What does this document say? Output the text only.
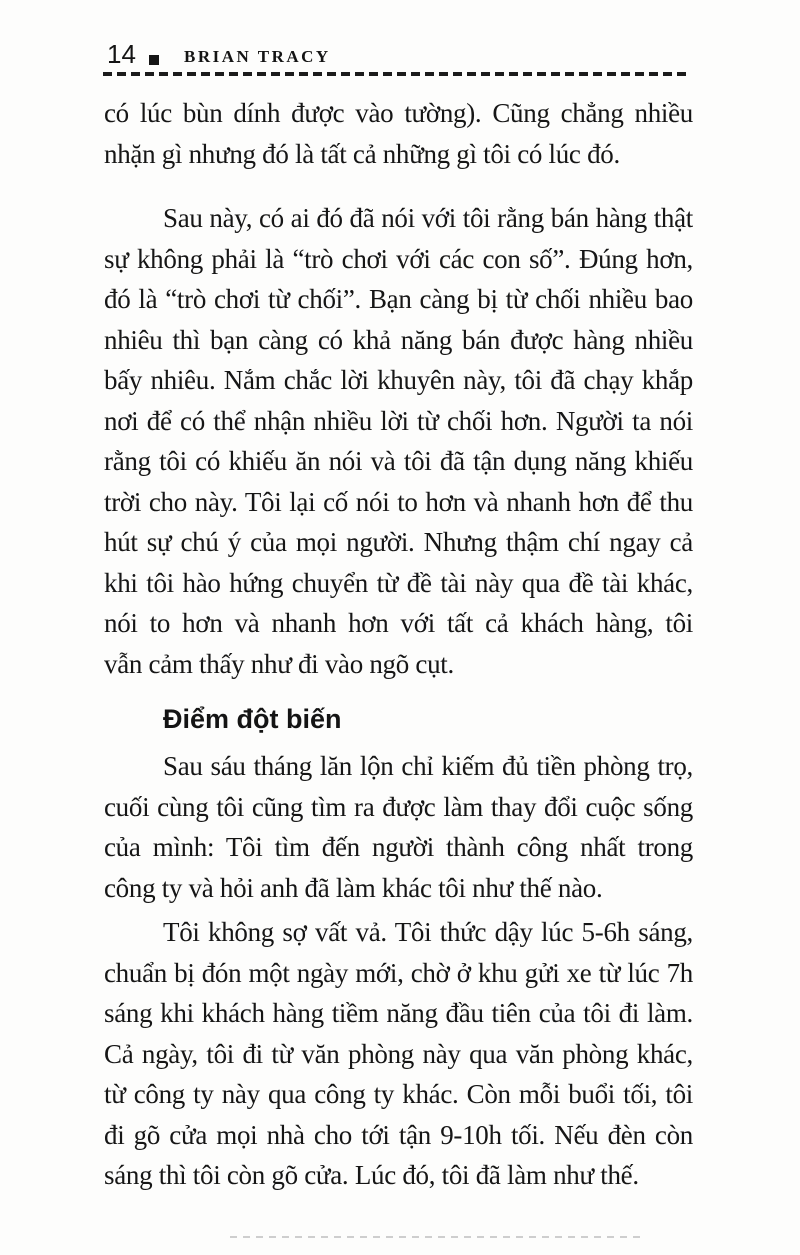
14	BRIAN TRACY
có lúc bùn dính được vào tường). Cũng chẳng nhiều
nhặn gì nhưng đó là tất cả những gì tôi có lúc đó.
Sau này, có ai đó đã nói với tôi rằng bán hàng thật
sự không phải là “trò chơi với các con số”. Đúng hơn,
đó là “trò chơi từ chối”. Bạn càng bị từ chối nhiều bao
nhiêu thì bạn càng có khả năng bán được hàng nhiều
bấy nhiêu. Nắm chắc lời khuyên này, tôi đã chạy khắp
nơi để có thể nhận nhiều lời từ chối hơn. Người ta nói
rằng tôi có khiếu ăn nói và tôi đã tận dụng năng khiếu
trời cho này. Tôi lại cố nói to hơn và nhanh hơn để thu
hút sự chú ý của mọi người. Nhưng thậm chí ngay cả
khi tôi hào hứng chuyển từ đề tài này qua đề tài khác,
nói to hơn và nhanh hơn với tất cả khách hàng, tôi
vẫn cảm thấy như đi vào ngõ cụt.
Điểm đột biến
Sau sáu tháng lăn lộn chỉ kiếm đủ tiền phòng trọ,
cuối cùng tôi cũng tìm ra được làm thay đổi cuộc sống
của mình: Tôi tìm đến người thành công nhất trong
công ty và hỏi anh đã làm khác tôi như thế nào.
Tôi không sợ vất vả. Tôi thức dậy lúc 5-6h sáng,
chuẩn bị đón một ngày mới, chờ ở khu gửi xe từ lúc 7h
sáng khi khách hàng tiềm năng đầu tiên của tôi đi làm.
Cả ngày, tôi đi từ văn phòng này qua văn phòng khác,
từ công ty này qua công ty khác. Còn mỗi buổi tối, tôi
đi gõ cửa mọi nhà cho tới tận 9-10h tối. Nếu đèn còn
sáng thì tôi còn gõ cửa. Lúc đó, tôi đã làm như thế.
